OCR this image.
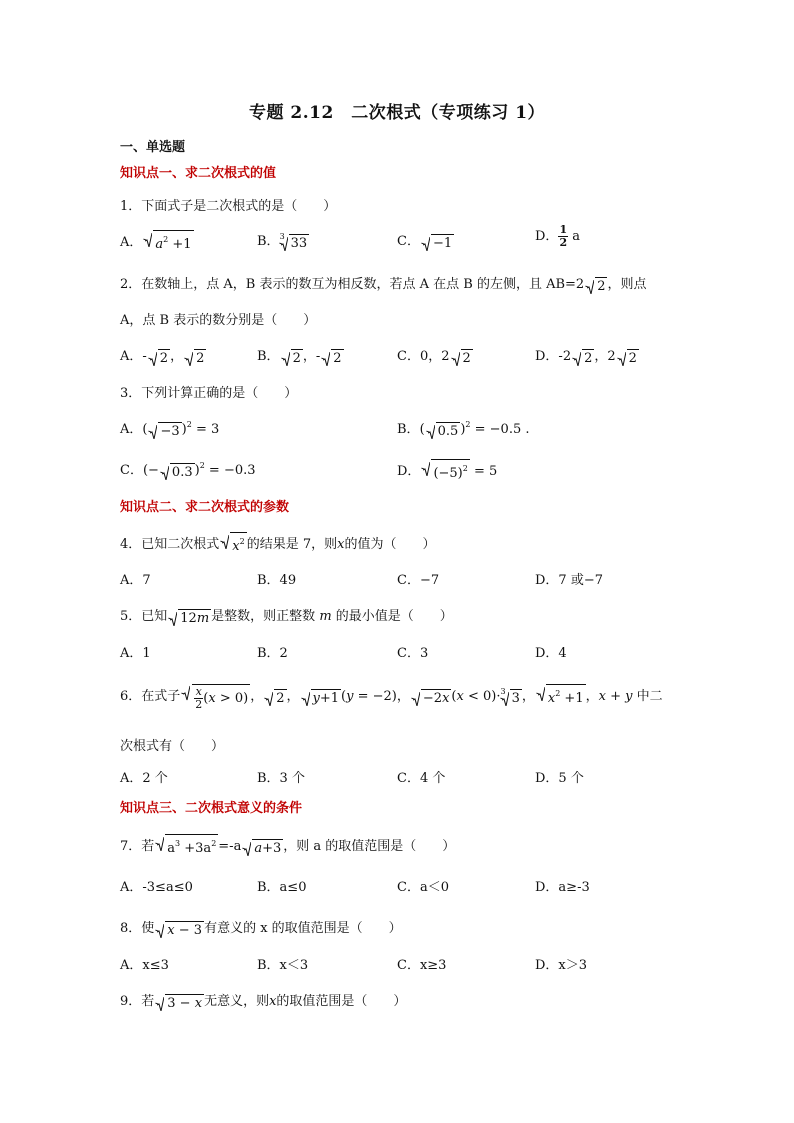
专题 2.12　二次根式（专项练习 1）
一、单选题
知识点一、求二次根式的值
1．下面式子是二次根式的是（　　）
A． $a^2 +1$	B．$^3$ 33	C． −1	D． $\frac{1}{2}$ a
2．在数轴上，点 A，B 表示的数互为相反数，若点 A 在点 B 的左侧，且 AB=2 2 ，则点
A，点 B 表示的数分别是（　　）
A．- 2 ， 2	B． 2 ，- 2	C．0，2 2	D．-2 2 ，2 2
3．下列计算正确的是（　　）
A．( −3 )$^2$ = 3	B．( 0.5 )$^2$ = −0.5 .
C．(− 0.3 )$^2$ = −0.3	D． $(-5)^2 = 5$
知识点二、求二次根式的参数
4．已知二次根式 $x^2$ 的结果是 7，则x的值为（　　）
A．7	B．49	C．−7	D．7 或−7
5．已知 12m 是整数，则正整数 m 的最小值是（　　）
A．1	B．2	C．3	D．4
6．在式子 $\frac{x}{2} (x > 0)$ ， 2 ， y+1 (y = −2)， −2x (x < 0)·$^3$ 3 ， $x^2 +1$ ，x + y 中二
次根式有（　　）
A．2 个	B．3 个	C．4 个	D．5 个
知识点三、二次根式意义的条件
7．若 $a^3 +3a^2 =-a$ a+3 ，则 a 的取值范围是（　　）
A．-3≤a≤0	B．a≤0	C．a＜0	D．a≥-3
8．使 x − 3 有意义的 x 的取值范围是（　　）
A．x≤3	B．x＜3	C．x≥3	D．x＞3
9．若 3 − x 无意义，则x的取值范围是（　　）
